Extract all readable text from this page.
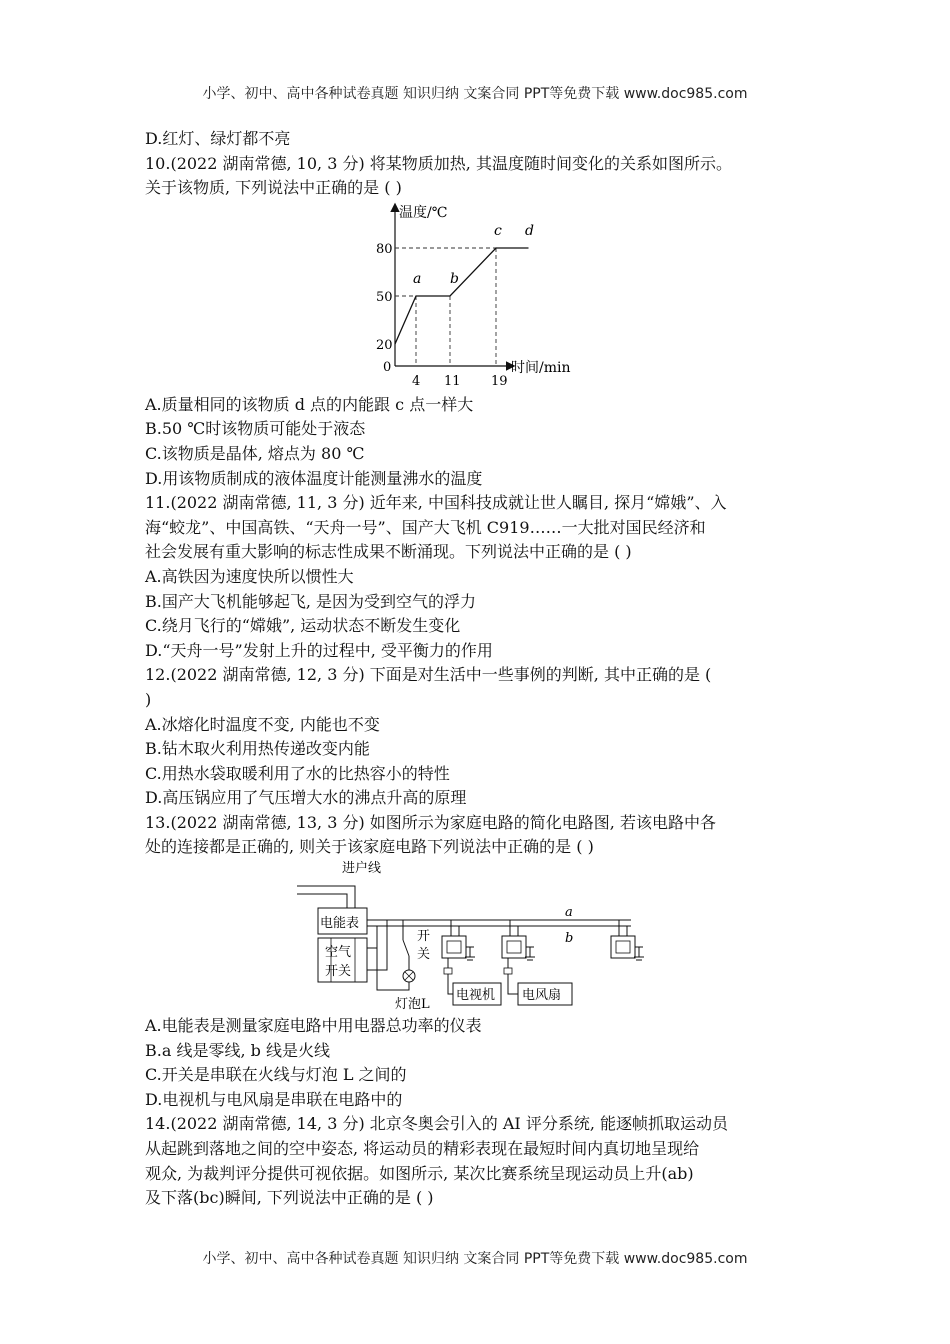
小学、初中、高中各种试卷真题 知识归纳 文案合同 PPT等免费下载 www.doc985.com
D.红灯、绿灯都不亮
10.(2022 湖南常德, 10, 3 分) 将某物质加热, 其温度随时间变化的关系如图所示。
关于该物质, 下列说法中正确的是 ( )
温度/℃
时间/min
0
80
50
20
4 11 19
a b
c d
A.质量相同的该物质 d 点的内能跟 c 点一样大
B.50 ℃时该物质可能处于液态
C.该物质是晶体, 熔点为 80 ℃
D.用该物质制成的液体温度计能测量沸水的温度
11.(2022 湖南常德, 11, 3 分) 近年来, 中国科技成就让世人瞩目, 探月“嫦娥”、入
海“蛟龙”、中国高铁、“天舟一号”、国产大飞机 C919……一大批对国民经济和
社会发展有重大影响的标志性成果不断涌现。下列说法中正确的是 ( )
A.高铁因为速度快所以惯性大
B.国产大飞机能够起飞, 是因为受到空气的浮力
C.绕月飞行的“嫦娥”, 运动状态不断发生变化
D.“天舟一号”发射上升的过程中, 受平衡力的作用
12.(2022 湖南常德, 12, 3 分) 下面是对生活中一些事例的判断, 其中正确的是 (
)
A.冰熔化时温度不变, 内能也不变
B.钻木取火利用热传递改变内能
C.用热水袋取暖利用了水的比热容小的特性
D.高压锅应用了气压增大水的沸点升高的原理
13.(2022 湖南常德, 13, 3 分) 如图所示为家庭电路的简化电路图, 若该电路中各
处的连接都是正确的, 则关于该家庭电路下列说法中正确的是 ( )
进户线
电能表
空气
开关
a
b
开
关
灯泡L
电视机 电风扇
A.电能表是测量家庭电路中用电器总功率的仪表
B.a 线是零线, b 线是火线
C.开关是串联在火线与灯泡 L 之间的
D.电视机与电风扇是串联在电路中的
14.(2022 湖南常德, 14, 3 分) 北京冬奥会引入的 AI 评分系统, 能逐帧抓取运动员
从起跳到落地之间的空中姿态, 将运动员的精彩表现在最短时间内真切地呈现给
观众, 为裁判评分提供可视依据。如图所示, 某次比赛系统呈现运动员上升(ab)
及下落(bc)瞬间, 下列说法中正确的是 ( )
小学、初中、高中各种试卷真题 知识归纳 文案合同 PPT等免费下载 www.doc985.com
